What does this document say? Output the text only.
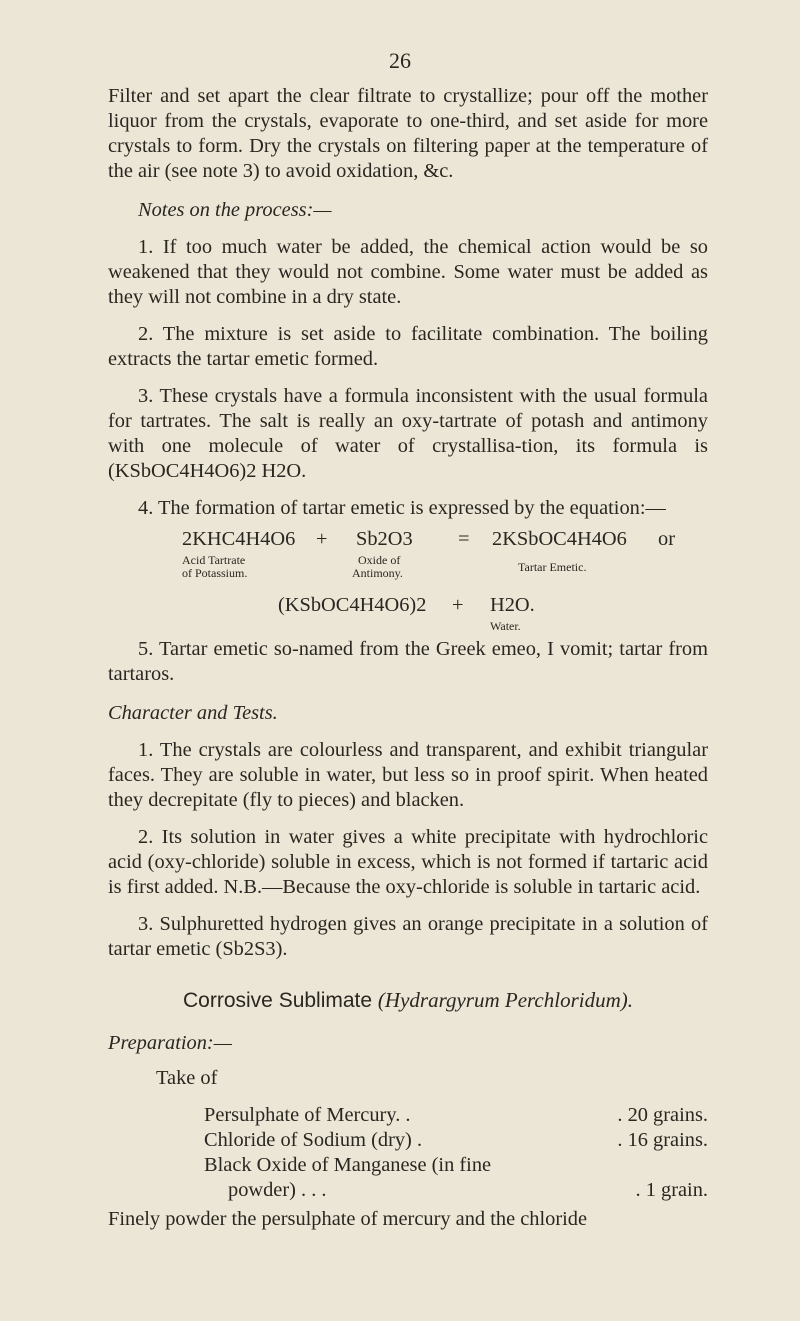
26

Filter and set apart the clear filtrate to crystallize; pour off the mother liquor from the crystals, evaporate to one-third, and set aside for more crystals to form. Dry the crystals on filtering paper at the temperature of the air (see note 3) to avoid oxidation, &c.

Notes on the process:—

1. If too much water be added, the chemical action would be so weakened that they would not combine. Some water must be added as they will not combine in a dry state.

2. The mixture is set aside to facilitate combination. The boiling extracts the tartar emetic formed.

3. These crystals have a formula inconsistent with the usual formula for tartrates. The salt is really an oxy-tartrate of potash and antimony with one molecule of water of crystallisa-tion, its formula is (KSbOC4H4O6)2 H2O.

4. The formation of tartar emetic is expressed by the equation:—

2KHC4H4O6
Acid Tartrate
of Potassium.
+ Sb2O3
Oxide of
Antimony.
= 2KSbOC4H4O6 or
Tartar Emetic.
(KSbOC4H4O6)2 + H2O.
Water.

5. Tartar emetic so-named from the Greek emeo, I vomit; tartar from tartaros.

Character and Tests.

1. The crystals are colourless and transparent, and exhibit triangular faces. They are soluble in water, but less so in proof spirit. When heated they decrepitate (fly to pieces) and blacken.

2. Its solution in water gives a white precipitate with hydrochloric acid (oxy-chloride) soluble in excess, which is not formed if tartaric acid is first added. N.B.—Because the oxy-chloride is soluble in tartaric acid.

3. Sulphuretted hydrogen gives an orange precipitate in a solution of tartar emetic (Sb2S3).

Corrosive Sublimate (Hydrargyrum Perchloridum).

Preparation:—

Take of

Persulphate of Mercury. .	. 20 grains.
Chloride of Sodium (dry) .	. 16 grains.
Black Oxide of Manganese (in fine
powder) . . .	. 1 grain.

Finely powder the persulphate of mercury and the chloride
